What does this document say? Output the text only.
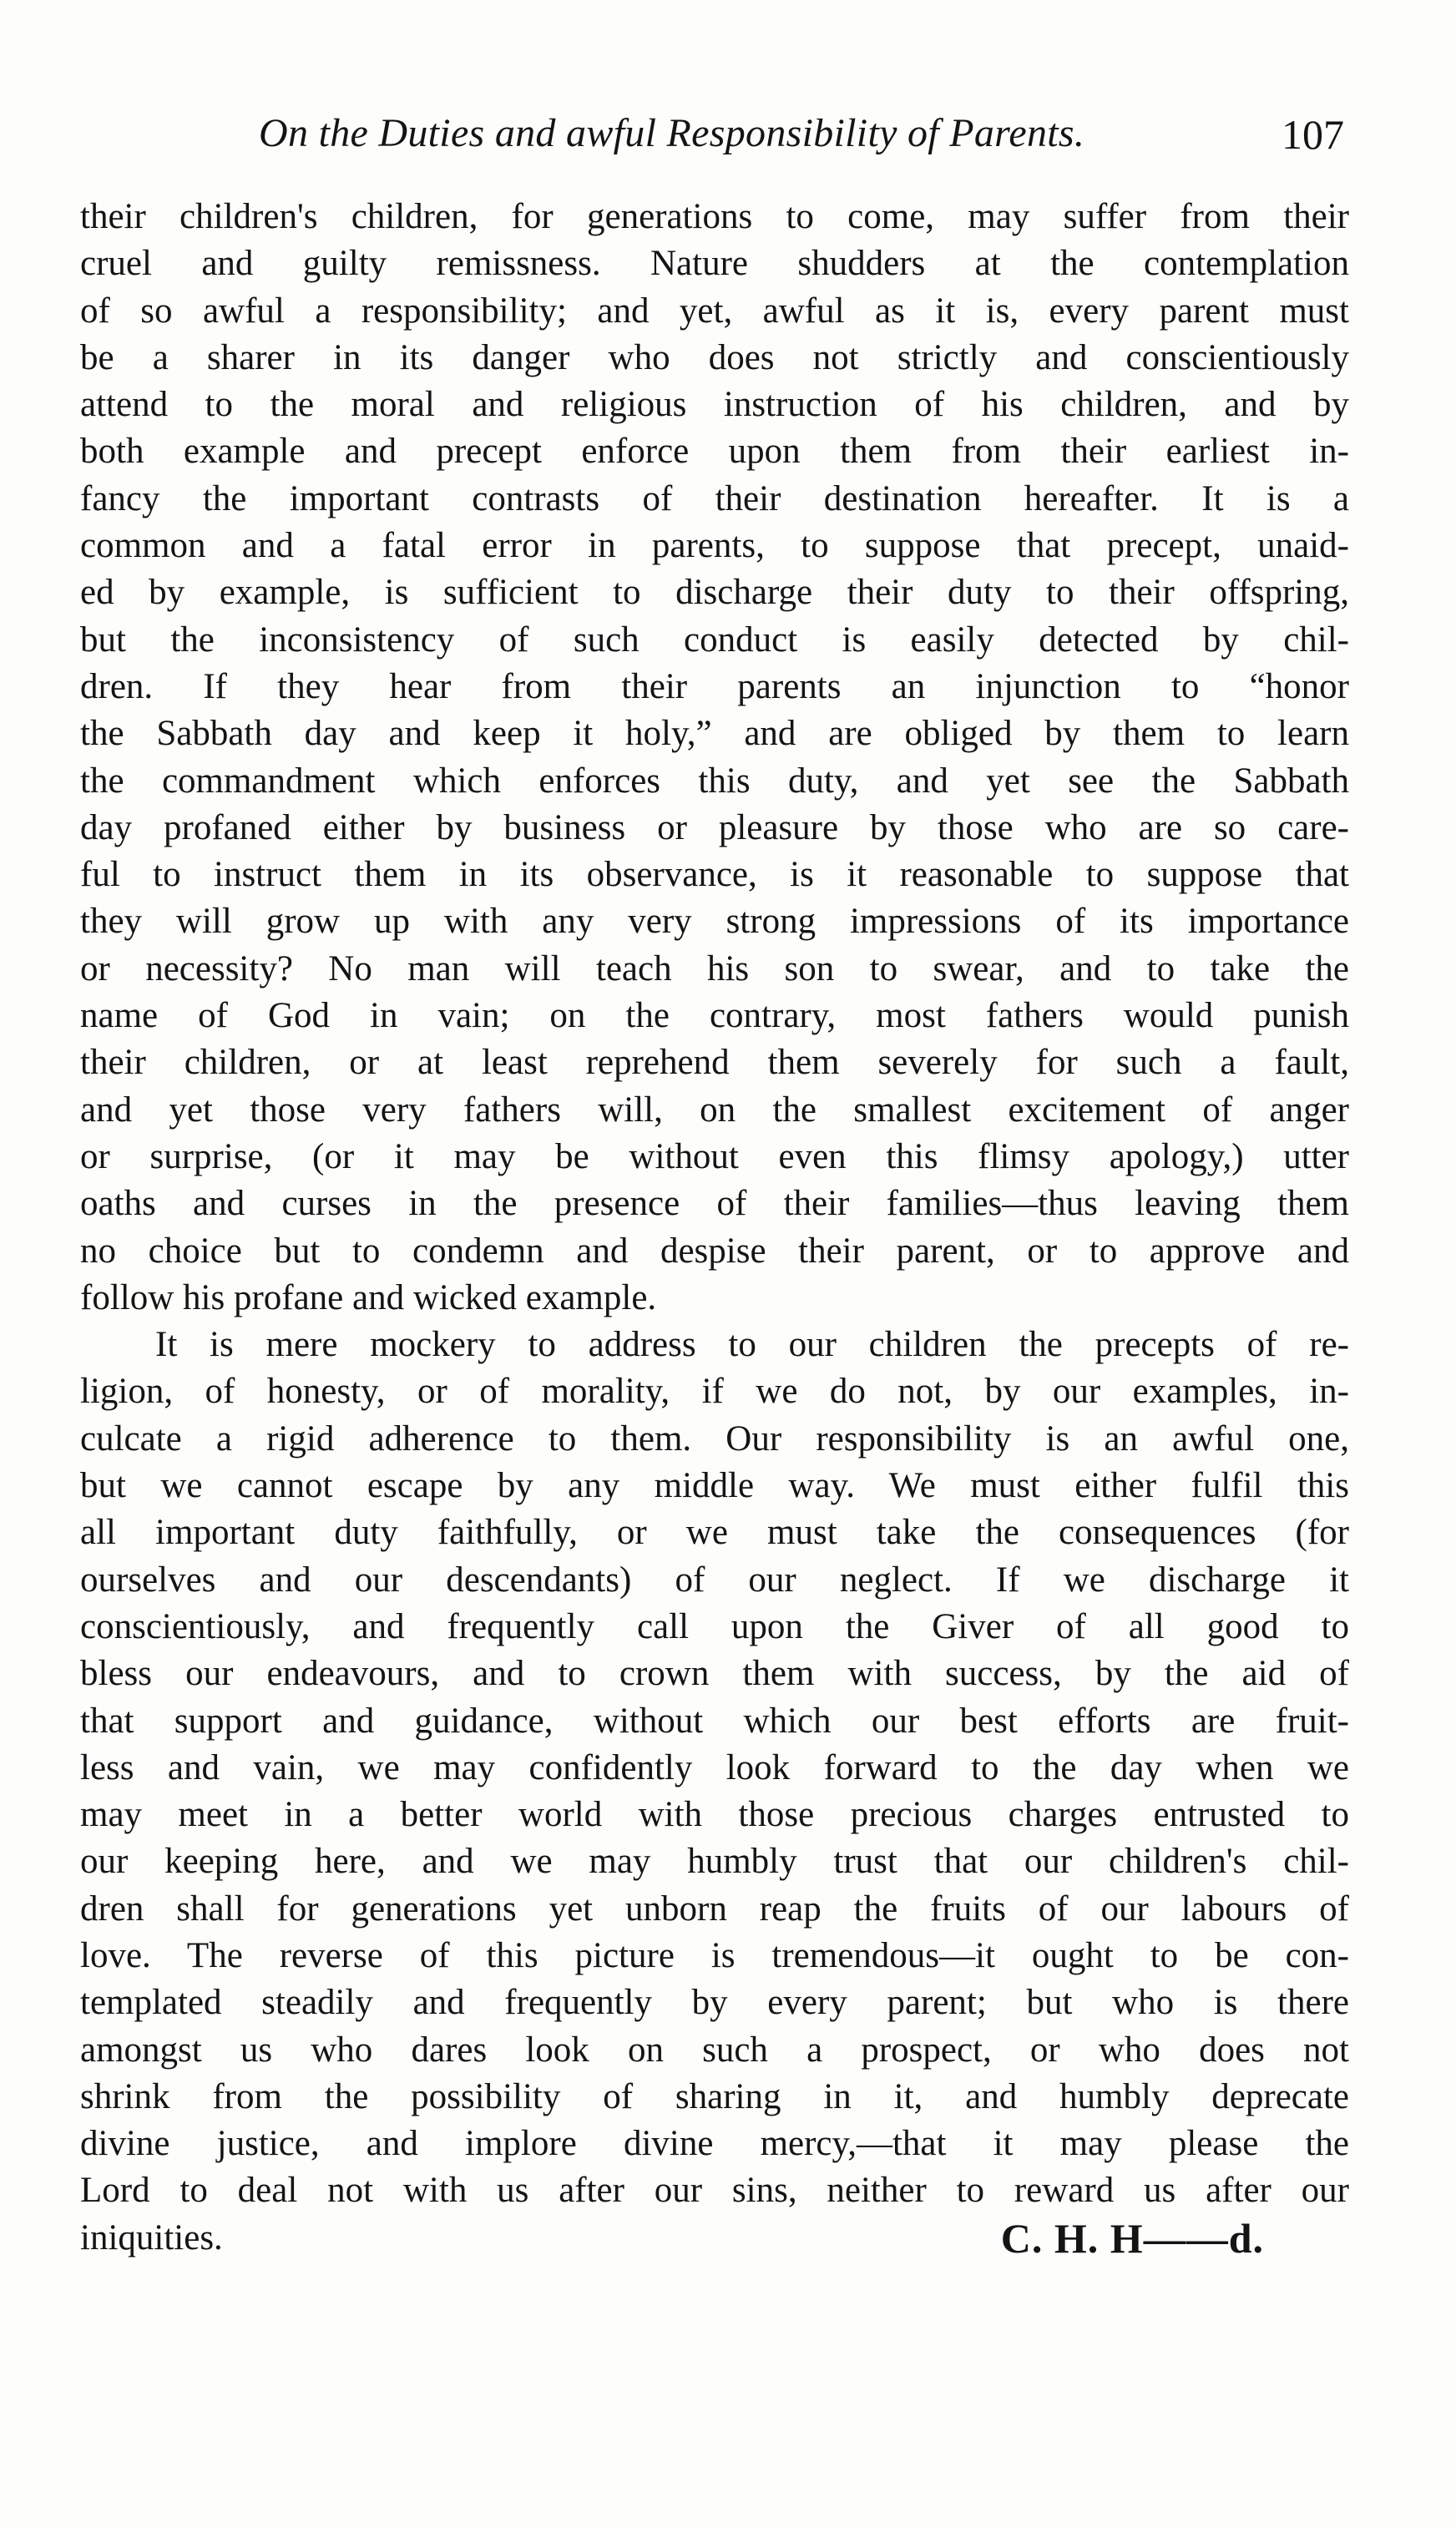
On the Duties and awful Responsibility of Parents.	107
their children's children, for generations to come, may suffer from their
cruel and guilty remissness. Nature shudders at the contemplation
of so awful a responsibility; and yet, awful as it is, every parent must
be a sharer in its danger who does not strictly and conscientiously
attend to the moral and religious instruction of his children, and by
both example and precept enforce upon them from their earliest in-
fancy the important contrasts of their destination hereafter. It is a
common and a fatal error in parents, to suppose that precept, unaid-
ed by example, is sufficient to discharge their duty to their offspring,
but the inconsistency of such conduct is easily detected by chil-
dren. If they hear from their parents an injunction to “honor
the Sabbath day and keep it holy,” and are obliged by them to learn
the commandment which enforces this duty, and yet see the Sabbath
day profaned either by business or pleasure by those who are so care-
ful to instruct them in its observance, is it reasonable to suppose that
they will grow up with any very strong impressions of its importance
or necessity? No man will teach his son to swear, and to take the
name of God in vain; on the contrary, most fathers would punish
their children, or at least reprehend them severely for such a fault,
and yet those very fathers will, on the smallest excitement of anger
or surprise, (or it may be without even this flimsy apology,) utter
oaths and curses in the presence of their families—thus leaving them
no choice but to condemn and despise their parent, or to approve and
follow his profane and wicked example.
It is mere mockery to address to our children the precepts of re-
ligion, of honesty, or of morality, if we do not, by our examples, in-
culcate a rigid adherence to them. Our responsibility is an awful one,
but we cannot escape by any middle way. We must either fulfil this
all important duty faithfully, or we must take the consequences (for
ourselves and our descendants) of our neglect. If we discharge it
conscientiously, and frequently call upon the Giver of all good to
bless our endeavours, and to crown them with success, by the aid of
that support and guidance, without which our best efforts are fruit-
less and vain, we may confidently look forward to the day when we
may meet in a better world with those precious charges entrusted to
our keeping here, and we may humbly trust that our children's chil-
dren shall for generations yet unborn reap the fruits of our labours of
love. The reverse of this picture is tremendous—it ought to be con-
templated steadily and frequently by every parent; but who is there
amongst us who dares look on such a prospect, or who does not
shrink from the possibility of sharing in it, and humbly deprecate
divine justice, and implore divine mercy,—that it may please the
Lord to deal not with us after our sins, neither to reward us after our
iniquities.	C. H. H——d.
